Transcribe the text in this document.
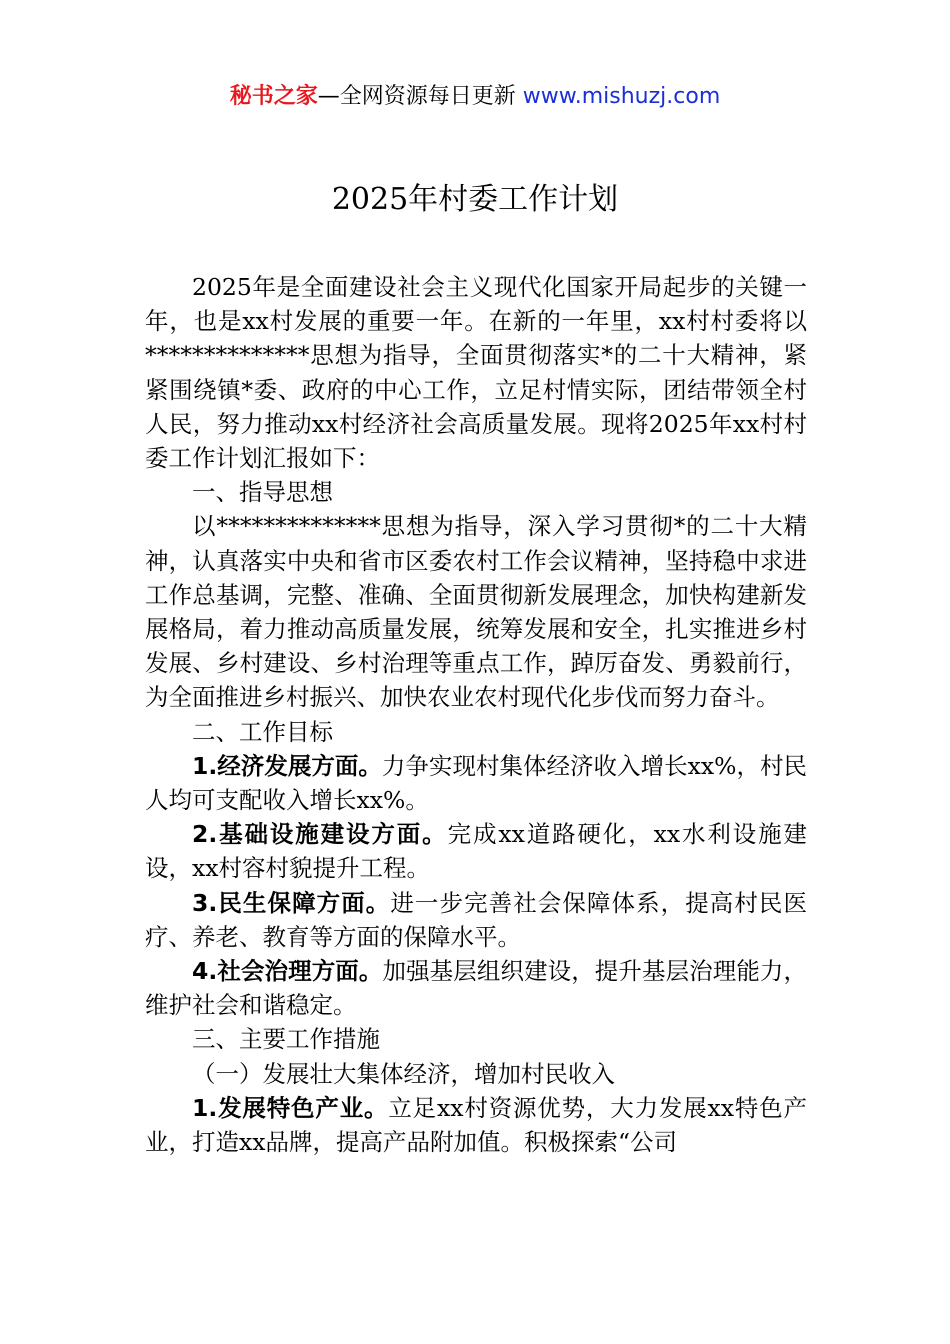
秘书之家—全网资源每日更新 www.mishuzj.com
2025年村委工作计划

2025年是全面建设社会主义现代化国家开局起步的关键一年，也是xx村发展的重要一年。在新的一年里，xx村村委将以**************思想为指导，全面贯彻落实*的二十大精神，紧紧围绕镇*委、政府的中心工作，立足村情实际，团结带领全村人民，努力推动xx村经济社会高质量发展。现将2025年xx村村委工作计划汇报如下：

一、指导思想

以**************思想为指导，深入学习贯彻*的二十大精神，认真落实中央和省市区委农村工作会议精神，坚持稳中求进工作总基调，完整、准确、全面贯彻新发展理念，加快构建新发展格局，着力推动高质量发展，统筹发展和安全，扎实推进乡村发展、乡村建设、乡村治理等重点工作，踔厉奋发、勇毅前行，为全面推进乡村振兴、加快农业农村现代化步伐而努力奋斗。

二、工作目标

1.经济发展方面。力争实现村集体经济收入增长xx%，村民人均可支配收入增长xx%。

2.基础设施建设方面。完成xx道路硬化，xx水利设施建设，xx村容村貌提升工程。

3.民生保障方面。进一步完善社会保障体系，提高村民医疗、养老、教育等方面的保障水平。

4.社会治理方面。加强基层组织建设，提升基层治理能力，维护社会和谐稳定。

三、主要工作措施

（一）发展壮大集体经济，增加村民收入

1.发展特色产业。立足xx村资源优势，大力发展xx特色产业，打造xx品牌，提高产品附加值。积极探索“公司
